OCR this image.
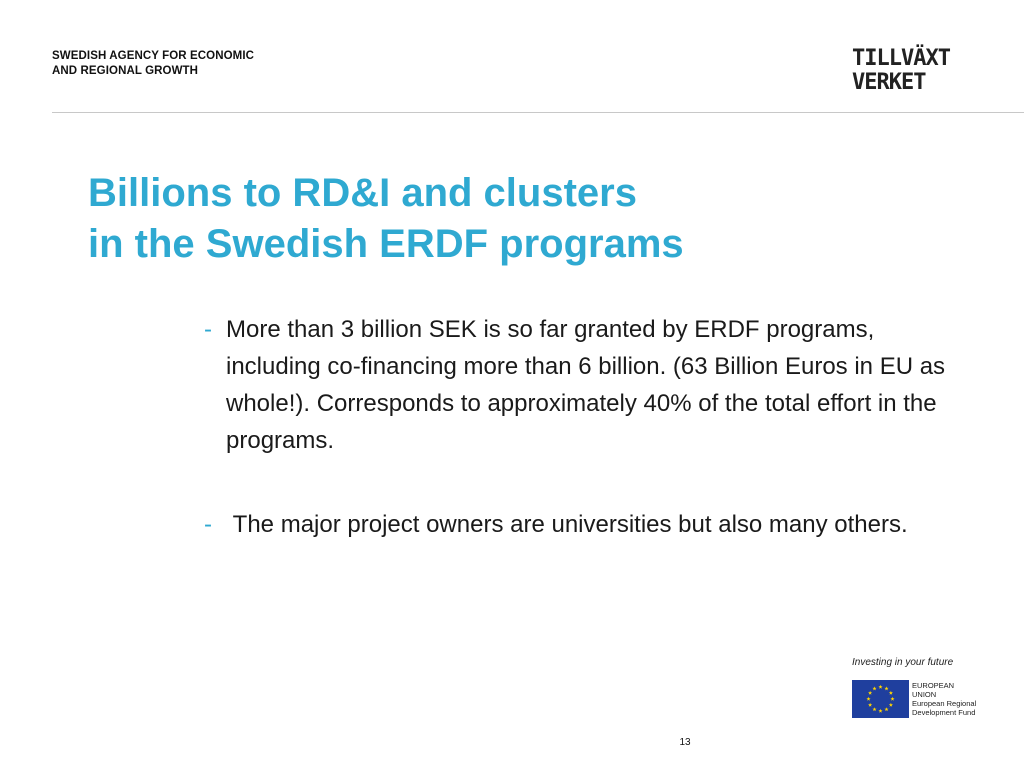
SWEDISH AGENCY FOR ECONOMIC
AND REGIONAL GROWTH	TILLVÄXT
VERKET
Billions to RD&I and clusters
in the Swedish ERDF programs
- More than 3 billion SEK is so far granted by ERDF programs, including co-financing more than 6 billion. (63 Billion Euros in EU as whole!). Corresponds to approximately 40% of the total effort in the programs.
- The major project owners are universities but also many others.
Investing in your future
EUROPEAN
UNION
European Regional
Development Fund
13
